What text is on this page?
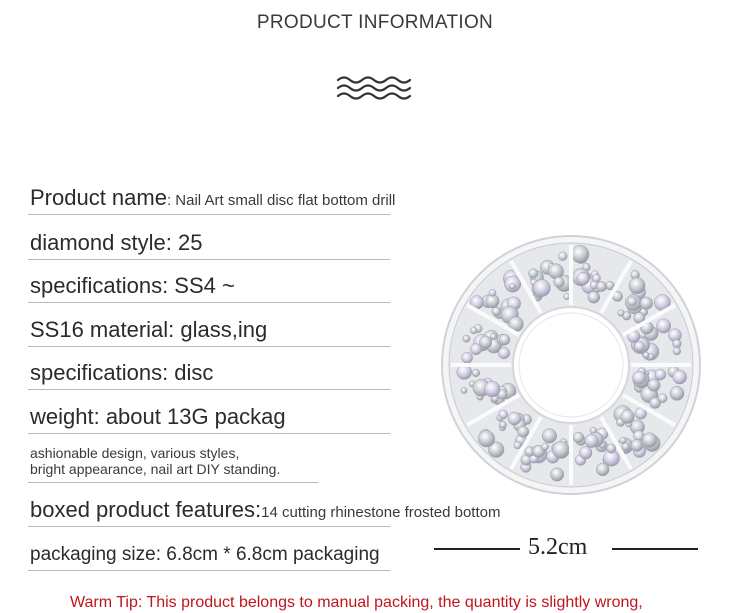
PRODUCT INFORMATION
Product name: Nail Art small disc flat bottom drill
diamond style: 25
specifications: SS4 ~
SS16 material: glass,ing
specifications: disc
weight: about 13G packag
ashionable design, various styles,
bright appearance, nail art DIY standing.
boxed product features:14 cutting rhinestone frosted bottom
packaging size: 6.8cm * 6.8cm packaging	5.2cm
Warm Tip: This product belongs to manual packing, the quantity is slightly wrong,
